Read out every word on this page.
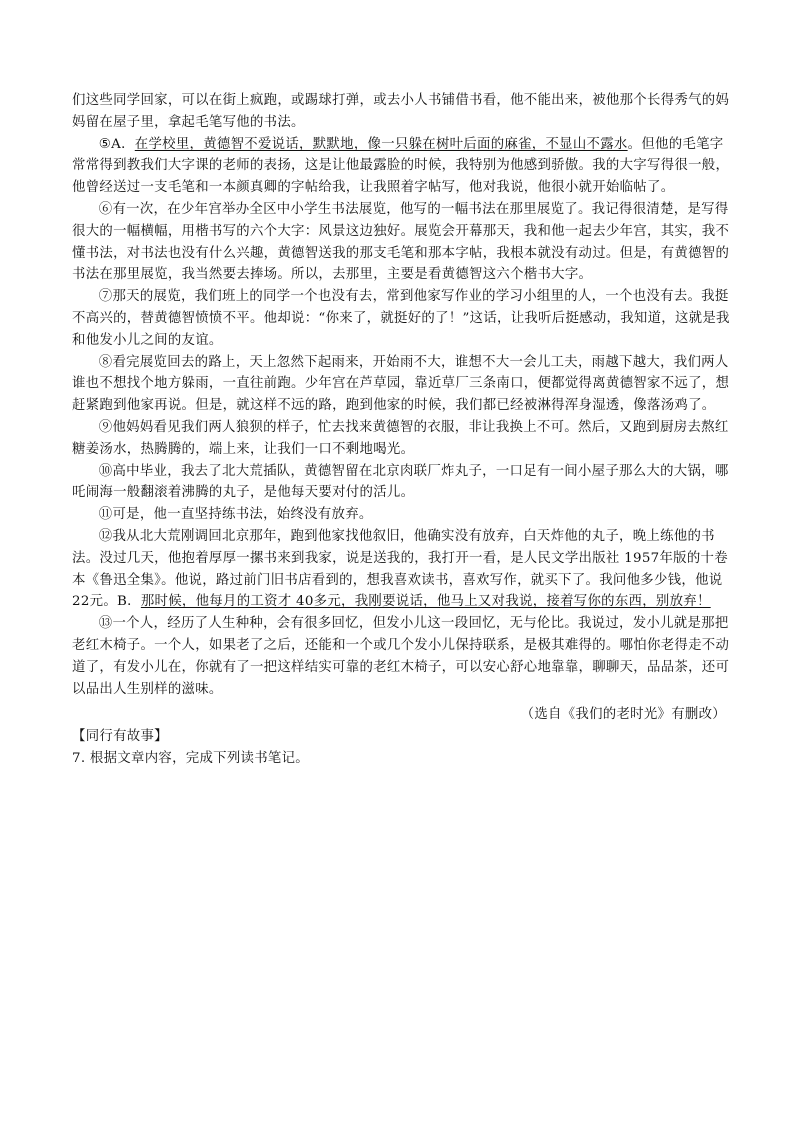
们这些同学回家，可以在街上疯跑，或踢球打弹，或去小人书铺借书看，他不能出来，被他那个长得秀气的妈妈留在屋子里，拿起毛笔写他的书法。

⑤A．在学校里，黄德智不爱说话，默默地，像一只躲在树叶后面的麻雀，不显山不露水。但他的毛笔字常常得到教我们大字课的老师的表扬，这是让他最露脸的时候，我特别为他感到骄傲。我的大字写得很一般，他曾经送过一支毛笔和一本颜真卿的字帖给我，让我照着字帖写，他对我说，他很小就开始临帖了。

⑥有一次，在少年宫举办全区中小学生书法展览，他写的一幅书法在那里展览了。我记得很清楚，是写得很大的一幅横幅，用楷书写的六个大字：风景这边独好。展览会开幕那天，我和他一起去少年宫，其实，我不懂书法，对书法也没有什么兴趣，黄德智送我的那支毛笔和那本字帖，我根本就没有动过。但是，有黄德智的书法在那里展览，我当然要去捧场。所以，去那里，主要是看黄德智这六个楷书大字。

⑦那天的展览，我们班上的同学一个也没有去，常到他家写作业的学习小组里的人，一个也没有去。我挺不高兴的，替黄德智愤愤不平。他却说：“你来了，就挺好的了！”这话，让我听后挺感动，我知道，这就是我和他发小儿之间的友谊。

⑧看完展览回去的路上，天上忽然下起雨来，开始雨不大，谁想不大一会儿工夫，雨越下越大，我们两人谁也不想找个地方躲雨，一直往前跑。少年宫在芦草园，靠近草厂三条南口，便都觉得离黄德智家不远了，想赶紧跑到他家再说。但是，就这样不远的路，跑到他家的时候，我们都已经被淋得浑身湿透，像落汤鸡了。

⑨他妈妈看见我们两人狼狈的样子，忙去找来黄德智的衣服，非让我换上不可。然后，又跑到厨房去熬红糖姜汤水，热腾腾的，端上来，让我们一口不剩地喝光。

⑩高中毕业，我去了北大荒插队，黄德智留在北京肉联厂炸丸子，一口足有一间小屋子那么大的大锅，哪吒闹海一般翻滚着沸腾的丸子，是他每天要对付的活儿。

⑪可是，他一直坚持练书法，始终没有放弃。

⑫我从北大荒刚调回北京那年，跑到他家找他叙旧，他确实没有放弃，白天炸他的丸子，晚上练他的书法。没过几天，他抱着厚厚一摞书来到我家，说是送我的，我打开一看，是人民文学出版社 1957年版的十卷本《鲁迅全集》。他说，路过前门旧书店看到的，想我喜欢读书，喜欢写作，就买下了。我问他多少钱，他说 22元。B．那时候，他每月的工资才 40多元，我刚要说话，他马上又对我说，接着写你的东西，别放弃！

⑬一个人，经历了人生种种，会有很多回忆，但发小儿这一段回忆，无与伦比。我说过，发小儿就是那把老红木椅子。一个人，如果老了之后，还能和一个或几个发小儿保持联系，是极其难得的。哪怕你老得走不动道了，有发小儿在，你就有了一把这样结实可靠的老红木椅子，可以安心舒心地靠靠，聊聊天，品品茶，还可以品出人生别样的滋味。

（选自《我们的老时光》有删改）

【同行有故事】

7. 根据文章内容，完成下列读书笔记。
